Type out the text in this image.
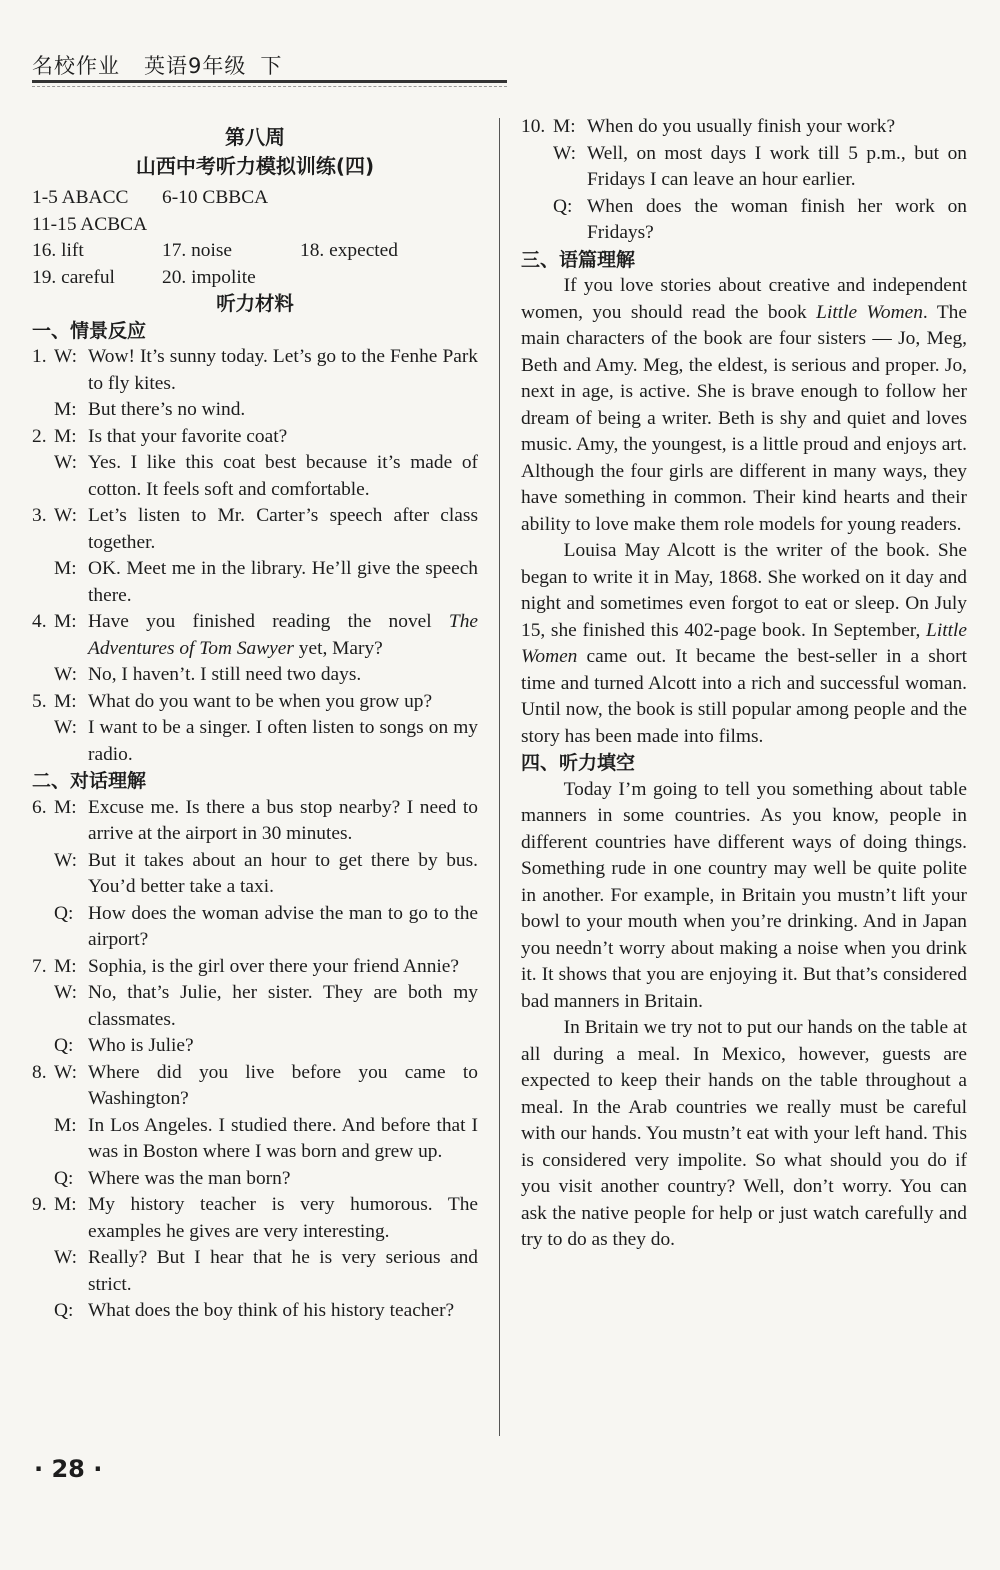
名校作业 英语9年级 下
第八周
山西中考听力模拟训练(四)
1-5 ABACC	6-10 CBBCA
11-15 ACBCA
16. lift	17. noise	18. expected
19. careful	20. impolite
听力材料
一、情景反应
1. W: Wow! It’s sunny today. Let’s go to the Fenhe Park to fly kites.
M: But there’s no wind.
2. M: Is that your favorite coat?
W: Yes. I like this coat best because it’s made of cotton. It feels soft and comfortable.
3. W: Let’s listen to Mr. Carter’s speech after class together.
M: OK. Meet me in the library. He’ll give the speech there.
4. M: Have you finished reading the novel The Adventures of Tom Sawyer yet, Mary?
W: No, I haven’t. I still need two days.
5. M: What do you want to be when you grow up?
W: I want to be a singer. I often listen to songs on my radio.
二、对话理解
6. M: Excuse me. Is there a bus stop nearby? I need to arrive at the airport in 30 minutes.
W: But it takes about an hour to get there by bus. You’d better take a taxi.
Q: How does the woman advise the man to go to the airport?
7. M: Sophia, is the girl over there your friend Annie?
W: No, that’s Julie, her sister. They are both my classmates.
Q: Who is Julie?
8. W: Where did you live before you came to Washington?
M: In Los Angeles. I studied there. And before that I was in Boston where I was born and grew up.
Q: Where was the man born?
9. M: My history teacher is very humorous. The examples he gives are very interesting.
W: Really? But I hear that he is very serious and strict.
Q: What does the boy think of his history teacher?
10. M: When do you usually finish your work?
W: Well, on most days I work till 5 p.m., but on Fridays I can leave an hour earlier.
Q: When does the woman finish her work on Fridays?
三、语篇理解

If you love stories about creative and independent women, you should read the book Little Women. The main characters of the book are four sisters — Jo, Meg, Beth and Amy. Meg, the eldest, is serious and proper. Jo, next in age, is active. She is brave enough to follow her dream of being a writer. Beth is shy and quiet and loves music. Amy, the youngest, is a little proud and enjoys art. Although the four girls are different in many ways, they have something in common. Their kind hearts and their ability to love make them role models for young readers.

Louisa May Alcott is the writer of the book. She began to write it in May, 1868. She worked on it day and night and sometimes even forgot to eat or sleep. On July 15, she finished this 402-page book. In September, Little Women came out. It became the best-seller in a short time and turned Alcott into a rich and successful woman. Until now, the book is still popular among people and the story has been made into films.

四、听力填空

Today I’m going to tell you something about table manners in some countries. As you know, people in different countries have different ways of doing things. Something rude in one country may well be quite polite in another. For example, in Britain you mustn’t lift your bowl to your mouth when you’re drinking. And in Japan you needn’t worry about making a noise when you drink it. It shows that you are enjoying it. But that’s considered bad manners in Britain.

In Britain we try not to put our hands on the table at all during a meal. In Mexico, however, guests are expected to keep their hands on the table throughout a meal. In the Arab countries we really must be careful with our hands. You mustn’t eat with your left hand. This is considered very impolite. So what should you do if you visit another country? Well, don’t worry. You can ask the native people for help or just watch carefully and try to do as they do.

· 28 ·
